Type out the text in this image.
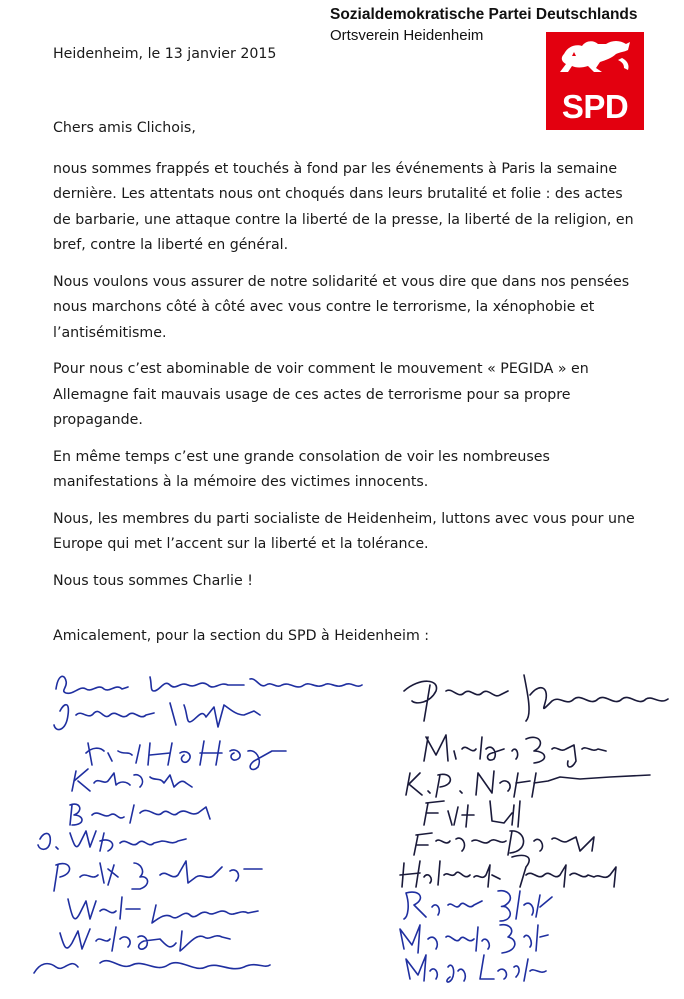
Sozialdemokratische Partei Deutschlands
Ortsverein Heidenheim
SPD
Heidenheim, le 13 janvier 2015

Chers amis Clichois,

nous sommes frappés et touchés à fond par les événements à Paris la semaine dernière. Les attentats nous ont choqués dans leurs brutalité et folie : des actes de barbarie, une attaque contre la liberté de la presse, la liberté de la religion, en bref, contre la liberté en général.

Nous voulons vous assurer de notre solidarité et vous dire que dans nos pensées nous marchons côté à côté avec vous contre le terrorisme, la xénophobie et l’antisémitisme.

Pour nous c’est abominable de voir comment le mouvement « PEGIDA » en Allemagne fait mauvais usage de ces actes de terrorisme pour sa propre propagande.

En même temps c’est une grande consolation de voir les nombreuses manifestations à la mémoire des victimes innocents.

Nous, les membres du parti socialiste de Heidenheim, luttons avec vous pour une Europe qui met l’accent sur la liberté et la tolérance.

Nous tous sommes Charlie !

Amicalement, pour la section du SPD à Heidenheim :
